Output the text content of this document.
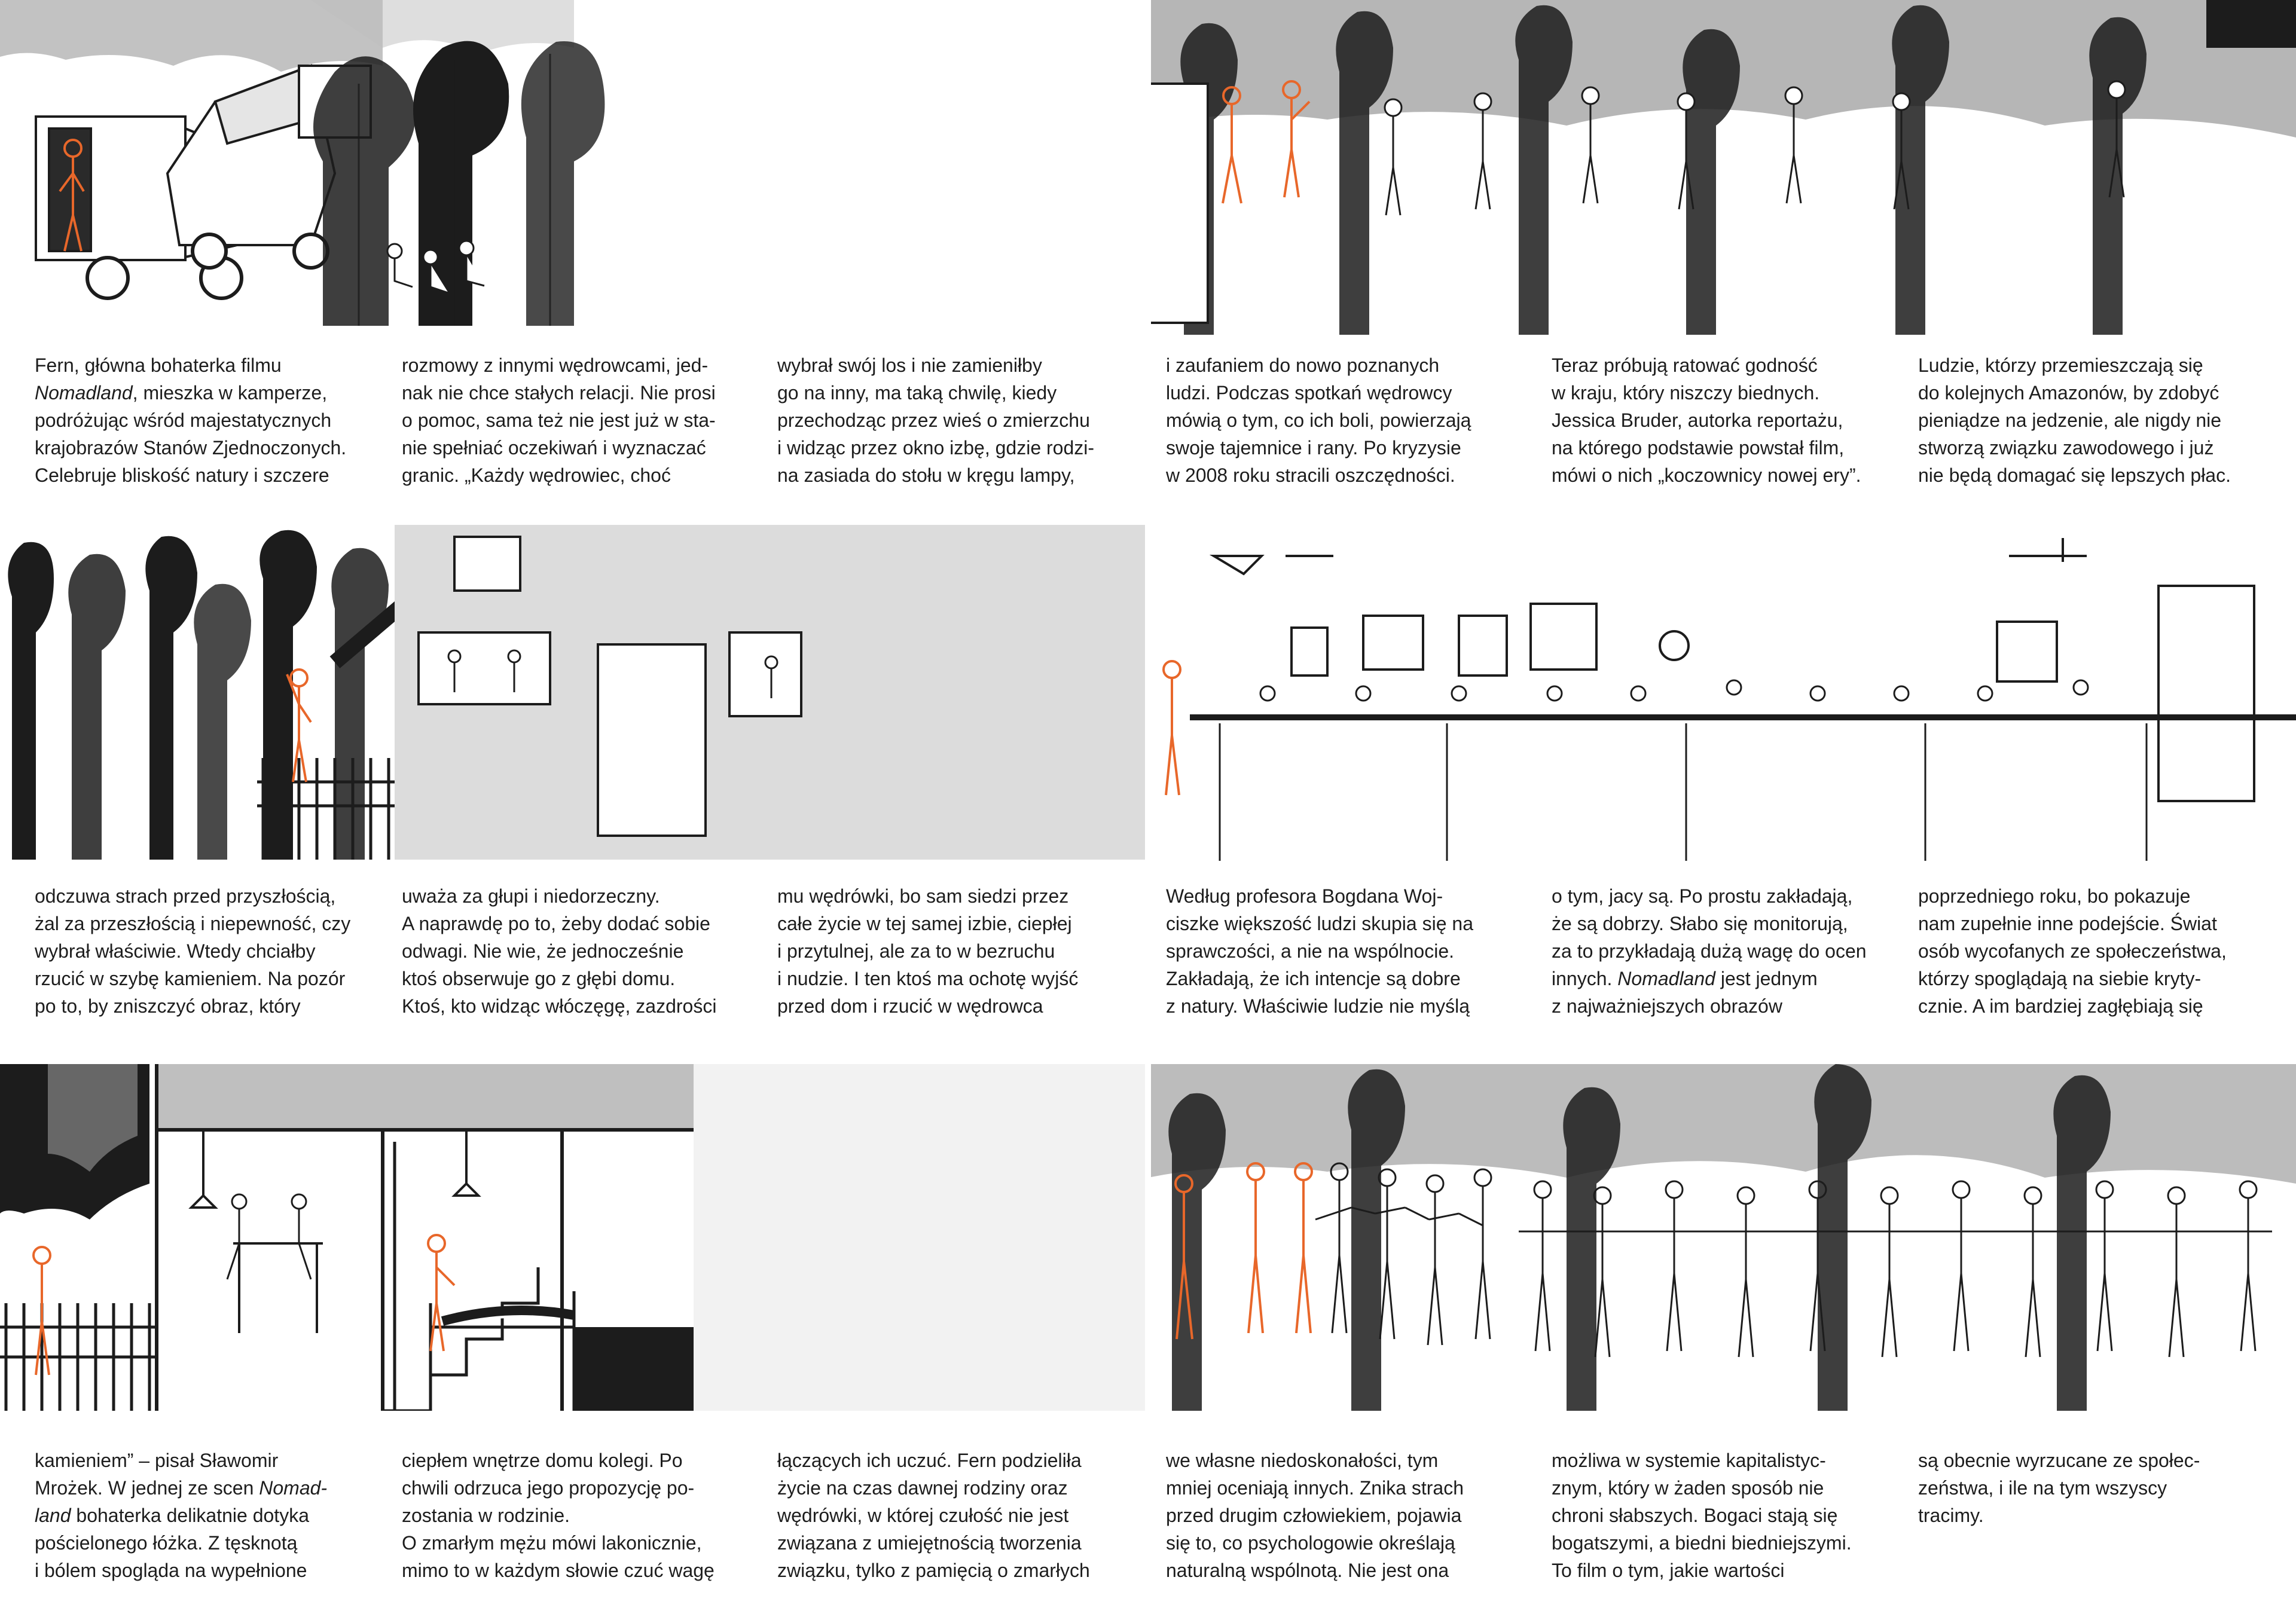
Fern, główna bohaterka filmu
Nomadland, mieszka w kamperze,
podróżując wśród majestatycznych
krajobrazów Stanów Zjednoczonych.
Celebruje bliskość natury i szczere
rozmowy z innymi wędrowcami, jed-
nak nie chce stałych relacji. Nie prosi
o pomoc, sama też nie jest już w sta-
nie spełniać oczekiwań i wyznaczać
granic. „Każdy wędrowiec, choć
wybrał swój los i nie zamieniłby
go na inny, ma taką chwilę, kiedy
przechodząc przez wieś o zmierzchu
i widząc przez okno izbę, gdzie rodzi-
na zasiada do stołu w kręgu lampy,
odczuwa strach przed przyszłością,
żal za przeszłością i niepewność, czy
wybrał właściwie. Wtedy chciałby
rzucić w szybę kamieniem. Na pozór
po to, by zniszczyć obraz, który
uważa za głupi i niedorzeczny.
A naprawdę po to, żeby dodać sobie
odwagi. Nie wie, że jednocześnie
ktoś obserwuje go z głębi domu.
Ktoś, kto widząc włóczęgę, zazdrości
mu wędrówki, bo sam siedzi przez
całe życie w tej samej izbie, ciepłej
i przytulnej, ale za to w bezruchu
i nudzie. I ten ktoś ma ochotę wyjść
przed dom i rzucić w wędrowca
kamieniem” – pisał Sławomir
Mrożek. W jednej ze scen Nomad-
land bohaterka delikatnie dotyka
pościelonego łóżka. Z tęsknotą
i bólem spogląda na wypełnione
ciepłem wnętrze domu kolegi. Po
chwili odrzuca jego propozycję po-
zostania w rodzinie.
O zmarłym mężu mówi lakonicznie,
mimo to w każdym słowie czuć wagę
łączących ich uczuć. Fern podzieliła
życie na czas dawnej rodziny oraz
wędrówki, w której czułość nie jest
związana z umiejętnością tworzenia
związku, tylko z pamięcią o zmarłych
i zaufaniem do nowo poznanych
ludzi. Podczas spotkań wędrowcy
mówią o tym, co ich boli, powierzają
swoje tajemnice i rany. Po kryzysie
w 2008 roku stracili oszczędności.
Teraz próbują ratować godność
w kraju, który niszczy biednych.
Jessica Bruder, autorka reportażu,
na którego podstawie powstał film,
mówi o nich „koczownicy nowej ery”.
Ludzie, którzy przemieszczają się
do kolejnych Amazonów, by zdobyć
pieniądze na jedzenie, ale nigdy nie
stworzą związku zawodowego i już
nie będą domagać się lepszych płac.
Według profesora Bogdana Woj-
ciszke większość ludzi skupia się na
sprawczości, a nie na wspólnocie.
Zakładają, że ich intencje są dobre
z natury. Właściwie ludzie nie myślą
o tym, jacy są. Po prostu zakładają,
że są dobrzy. Słabo się monitorują,
za to przykładają dużą wagę do ocen
innych. Nomadland jest jednym
z najważniejszych obrazów
poprzedniego roku, bo pokazuje
nam zupełnie inne podejście. Świat
osób wycofanych ze społeczeństwa,
którzy spoglądają na siebie kryty-
cznie. A im bardziej zagłębiają się
we własne niedoskonałości, tym
mniej oceniają innych. Znika strach
przed drugim człowiekiem, pojawia
się to, co psychologowie określają
naturalną wspólnotą. Nie jest ona
możliwa w systemie kapitalistyc-
znym, który w żaden sposób nie
chroni słabszych. Bogaci stają się
bogatszymi, a biedni biedniejszymi.
To film o tym, jakie wartości
są obecnie wyrzucane ze społec-
zeństwa, i ile na tym wszyscy
tracimy.
